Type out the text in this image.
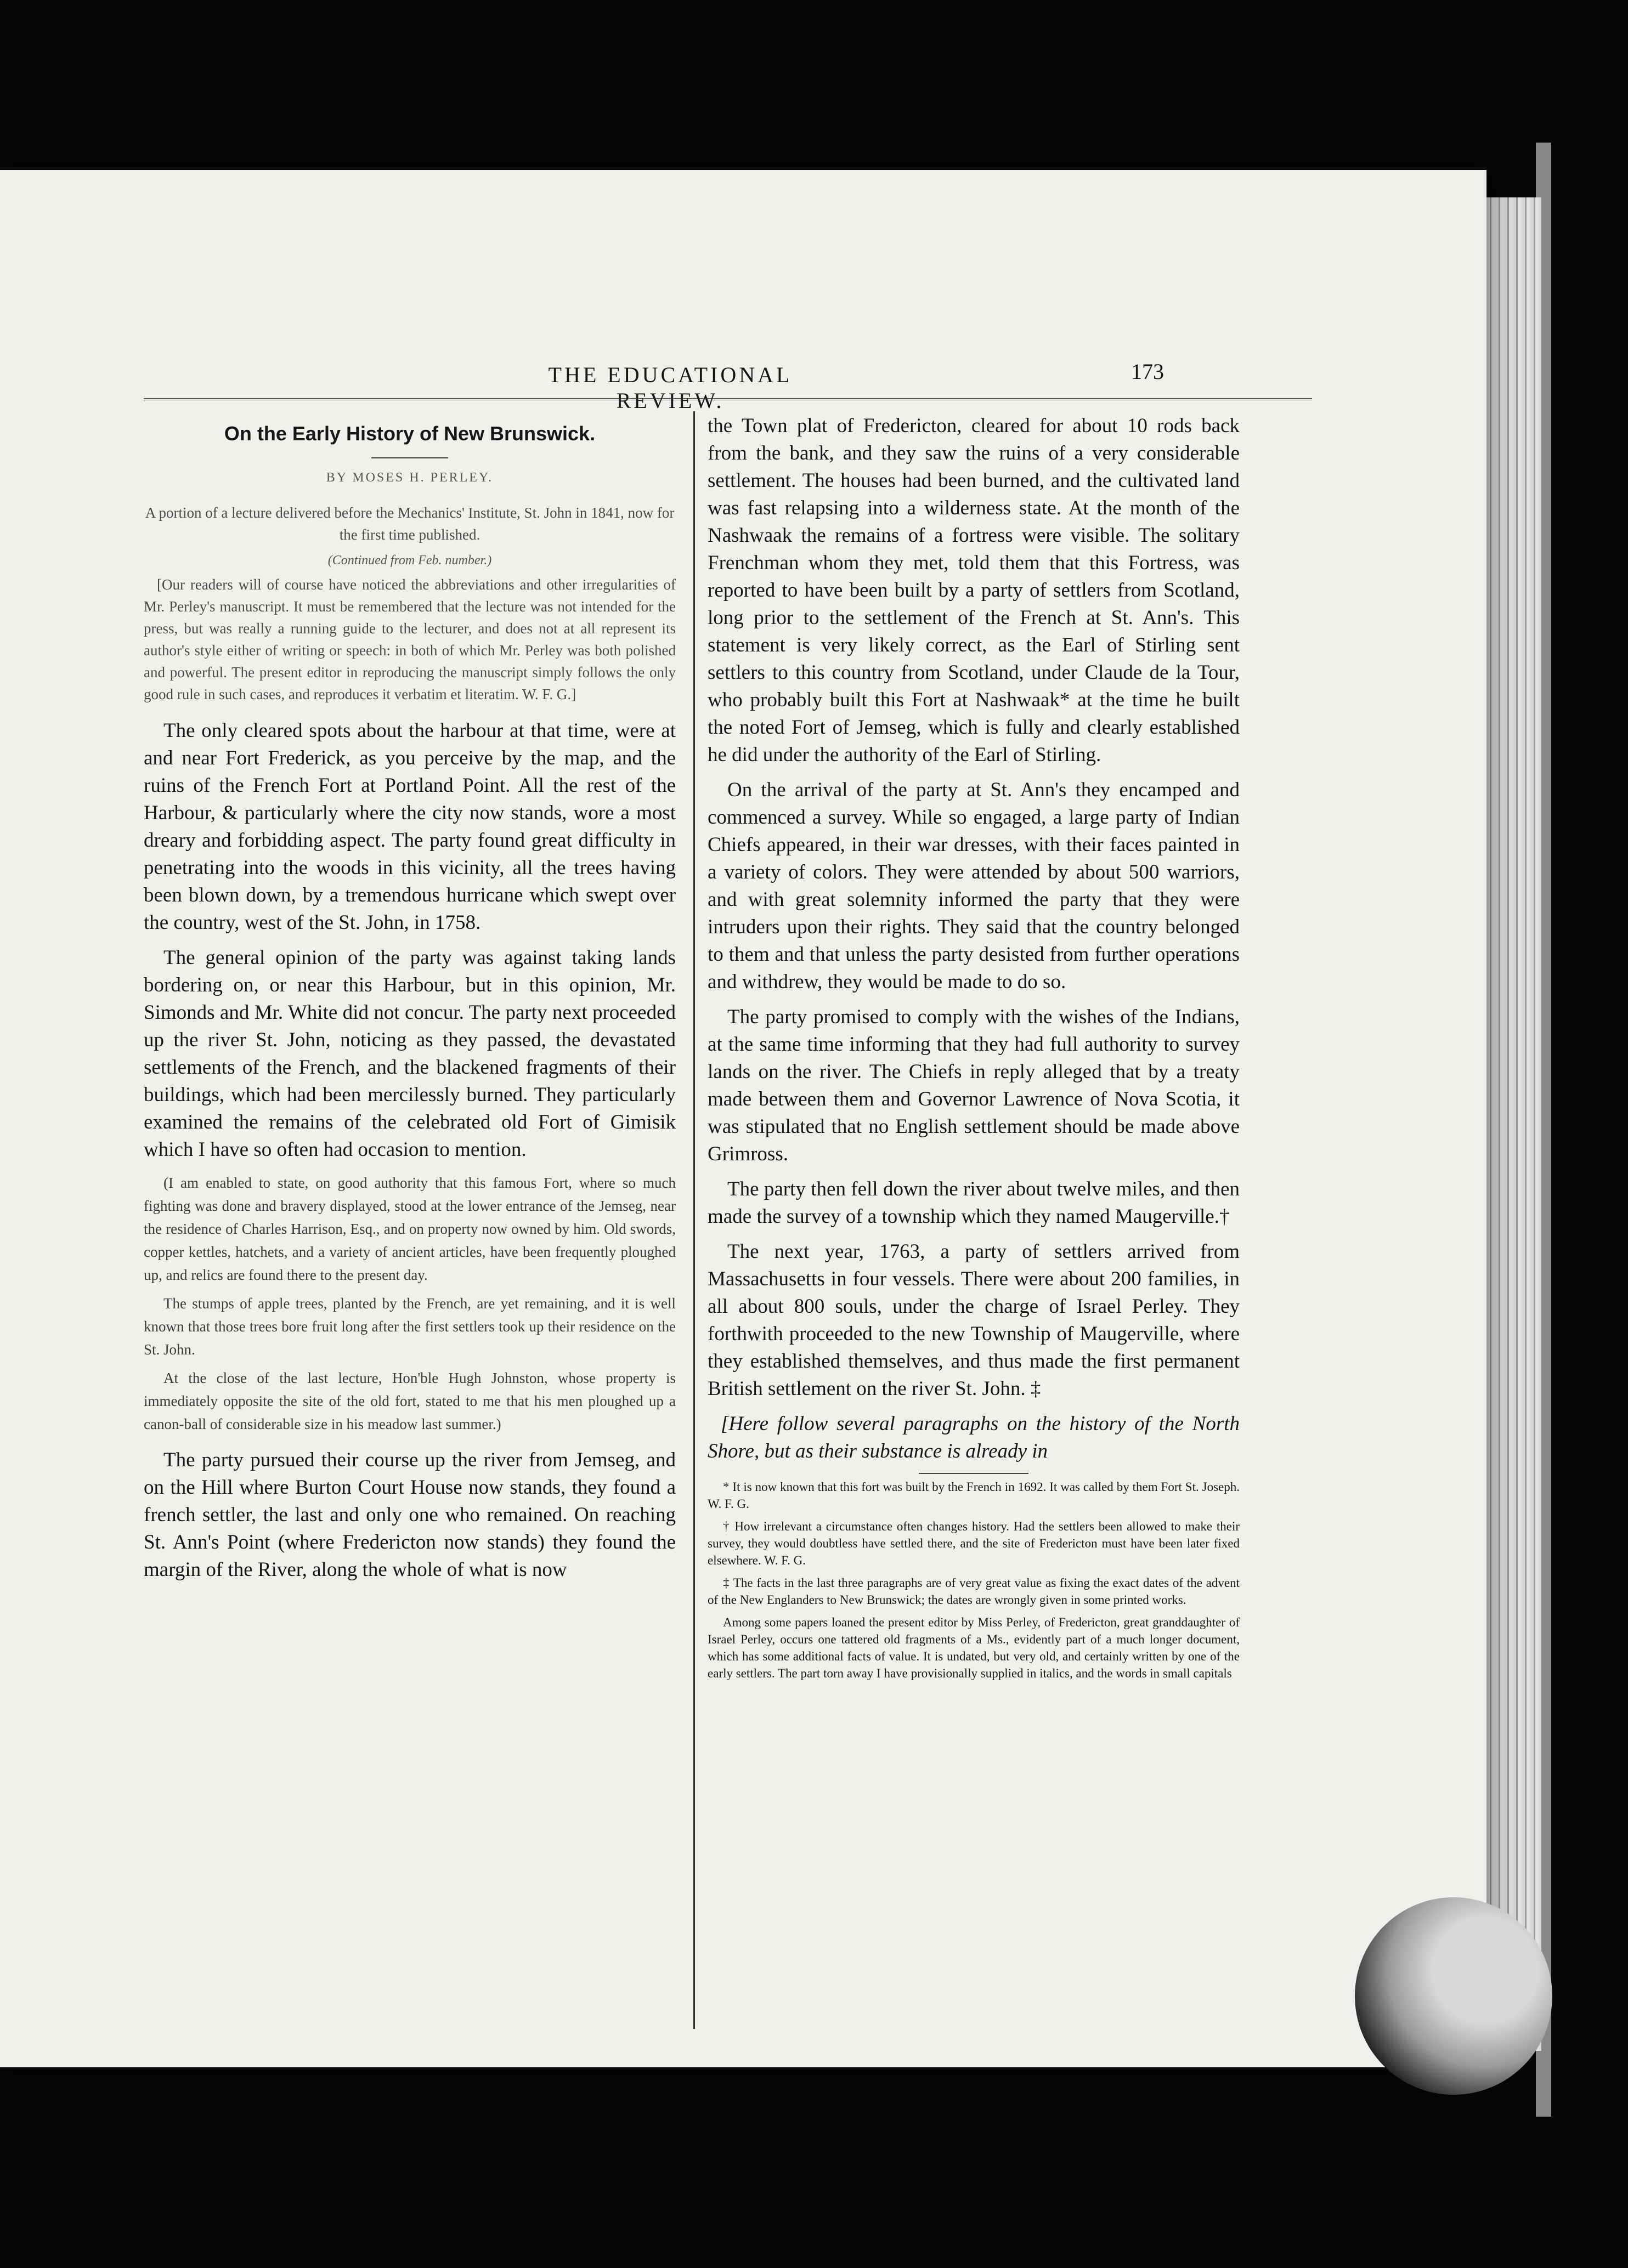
THE EDUCATIONAL REVIEW.
173
On the Early History of New Brunswick.
BY MOSES H. PERLEY.
A portion of a lecture delivered before the Mechanics' Institute, St. John in 1841, now for the first time published.
(Continued from Feb. number.)
[Our readers will of course have noticed the abbreviations and other irregularities of Mr. Perley's manuscript. It must be remembered that the lecture was not intended for the press, but was really a running guide to the lecturer, and does not at all represent its author's style either of writing or speech: in both of which Mr. Perley was both polished and powerful. The present editor in reproducing the manuscript simply follows the only good rule in such cases, and reproduces it verbatim et literatim. W. F. G.]

The only cleared spots about the harbour at that time, were at and near Fort Frederick, as you perceive by the map, and the ruins of the French Fort at Portland Point. All the rest of the Harbour, & particularly where the city now stands, wore a most dreary and forbidding aspect. The party found great difficulty in penetrating into the woods in this vicinity, all the trees having been blown down, by a tremendous hurricane which swept over the country, west of the St. John, in 1758.

The general opinion of the party was against taking lands bordering on, or near this Harbour, but in this opinion, Mr. Simonds and Mr. White did not concur. The party next proceeded up the river St. John, noticing as they passed, the devastated settlements of the French, and the blackened fragments of their buildings, which had been mercilessly burned. They particularly examined the remains of the celebrated old Fort of Gimisik which I have so often had occasion to mention.

(I am enabled to state, on good authority that this famous Fort, where so much fighting was done and bravery displayed, stood at the lower entrance of the Jemseg, near the residence of Charles Harrison, Esq., and on property now owned by him. Old swords, copper kettles, hatchets, and a variety of ancient articles, have been frequently ploughed up, and relics are found there to the present day.

The stumps of apple trees, planted by the French, are yet remaining, and it is well known that those trees bore fruit long after the first settlers took up their residence on the St. John.

At the close of the last lecture, Hon'ble Hugh Johnston, whose property is immediately opposite the site of the old fort, stated to me that his men ploughed up a canon-ball of considerable size in his meadow last summer.)

The party pursued their course up the river from Jemseg, and on the Hill where Burton Court House now stands, they found a french settler, the last and only one who remained. On reaching St. Ann's Point (where Fredericton now stands) they found the margin of the River, along the whole of what is now

the Town plat of Fredericton, cleared for about 10 rods back from the bank, and they saw the ruins of a very considerable settlement. The houses had been burned, and the cultivated land was fast relapsing into a wilderness state. At the month of the Nashwaak the remains of a fortress were visible. The solitary Frenchman whom they met, told them that this Fortress, was reported to have been built by a party of settlers from Scotland, long prior to the settlement of the French at St. Ann's. This statement is very likely correct, as the Earl of Stirling sent settlers to this country from Scotland, under Claude de la Tour, who probably built this Fort at Nashwaak* at the time he built the noted Fort of Jemseg, which is fully and clearly established he did under the authority of the Earl of Stirling.

On the arrival of the party at St. Ann's they encamped and commenced a survey. While so engaged, a large party of Indian Chiefs appeared, in their war dresses, with their faces painted in a variety of colors. They were attended by about 500 warriors, and with great solemnity informed the party that they were intruders upon their rights. They said that the country belonged to them and that unless the party desisted from further operations and withdrew, they would be made to do so.

The party promised to comply with the wishes of the Indians, at the same time informing that they had full authority to survey lands on the river. The Chiefs in reply alleged that by a treaty made between them and Governor Lawrence of Nova Scotia, it was stipulated that no English settlement should be made above Grimross.

The party then fell down the river about twelve miles, and then made the survey of a township which they named Maugerville.†

The next year, 1763, a party of settlers arrived from Massachusetts in four vessels. There were about 200 families, in all about 800 souls, under the charge of Israel Perley. They forthwith proceeded to the new Township of Maugerville, where they established themselves, and thus made the first permanent British settlement on the river St. John. ‡

[Here follow several paragraphs on the history of the North Shore, but as their substance is already in

* It is now known that this fort was built by the French in 1692. It was called by them Fort St. Joseph. W. F. G.

† How irrelevant a circumstance often changes history. Had the settlers been allowed to make their survey, they would doubtless have settled there, and the site of Fredericton must have been later fixed elsewhere. W. F. G.

‡ The facts in the last three paragraphs are of very great value as fixing the exact dates of the advent of the New Englanders to New Brunswick; the dates are wrongly given in some printed works.

Among some papers loaned the present editor by Miss Perley, of Fredericton, great granddaughter of Israel Perley, occurs one tattered old fragments of a Ms., evidently part of a much longer document, which has some additional facts of value. It is undated, but very old, and certainly written by one of the early settlers. The part torn away I have provisionally supplied in italics, and the words in small capitals
